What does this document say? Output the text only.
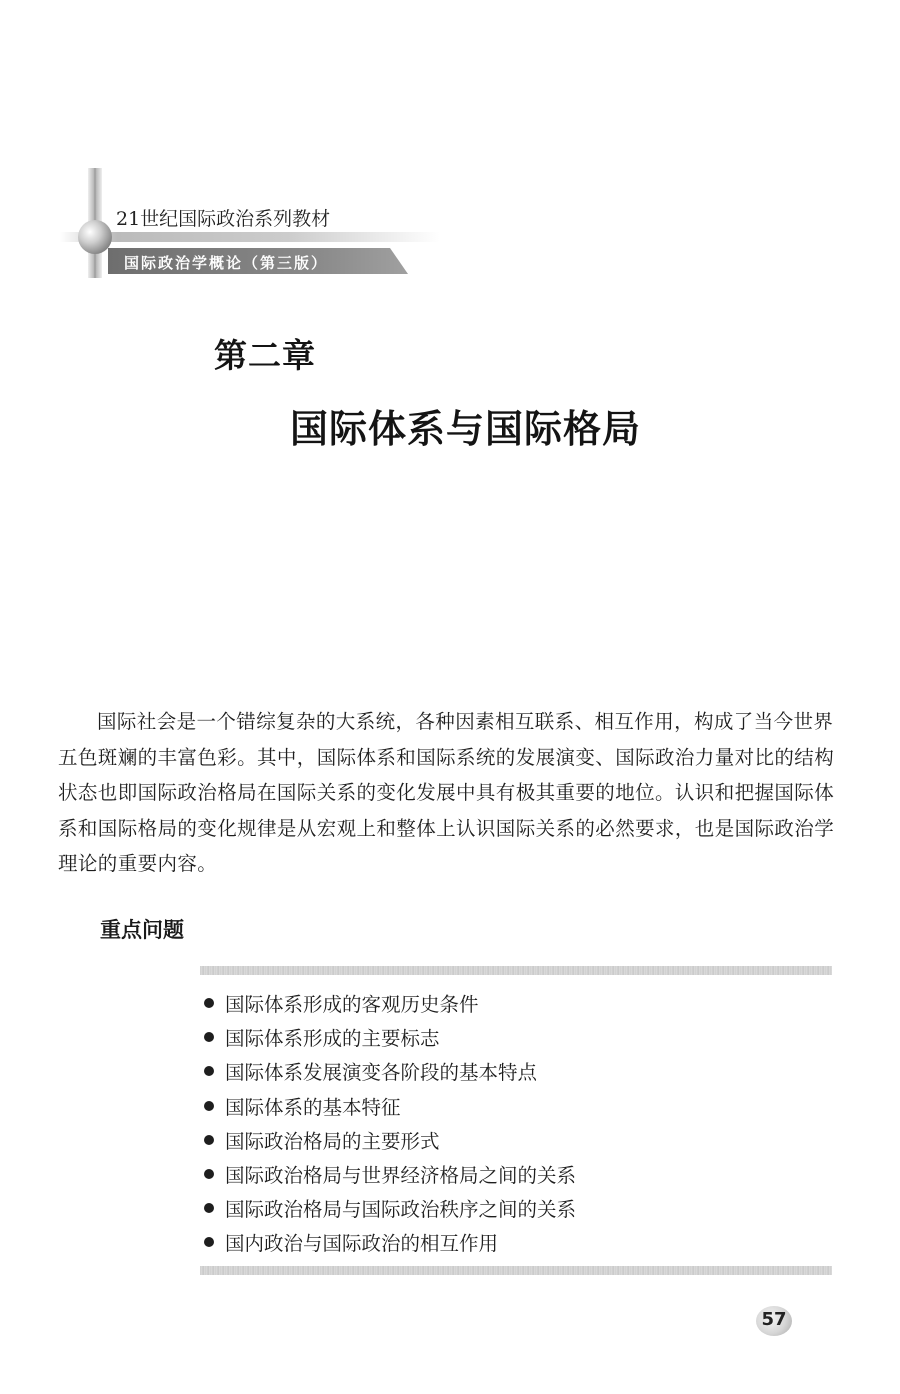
21世纪国际政治系列教材
国际政治学概论（第三版）
第二章
国际体系与国际格局

国际社会是一个错综复杂的大系统，各种因素相互联系、相互作用，构成了当今世界五色斑斓的丰富色彩。其中，国际体系和国际系统的发展演变、国际政治力量对比的结构状态也即国际政治格局在国际关系的变化发展中具有极其重要的地位。认识和把握国际体系和国际格局的变化规律是从宏观上和整体上认识国际关系的必然要求，也是国际政治学理论的重要内容。

重点问题
国际体系形成的客观历史条件
国际体系形成的主要标志
国际体系发展演变各阶段的基本特点
国际体系的基本特征
国际政治格局的主要形式
国际政治格局与世界经济格局之间的关系
国际政治格局与国际政治秩序之间的关系
国内政治与国际政治的相互作用
57
